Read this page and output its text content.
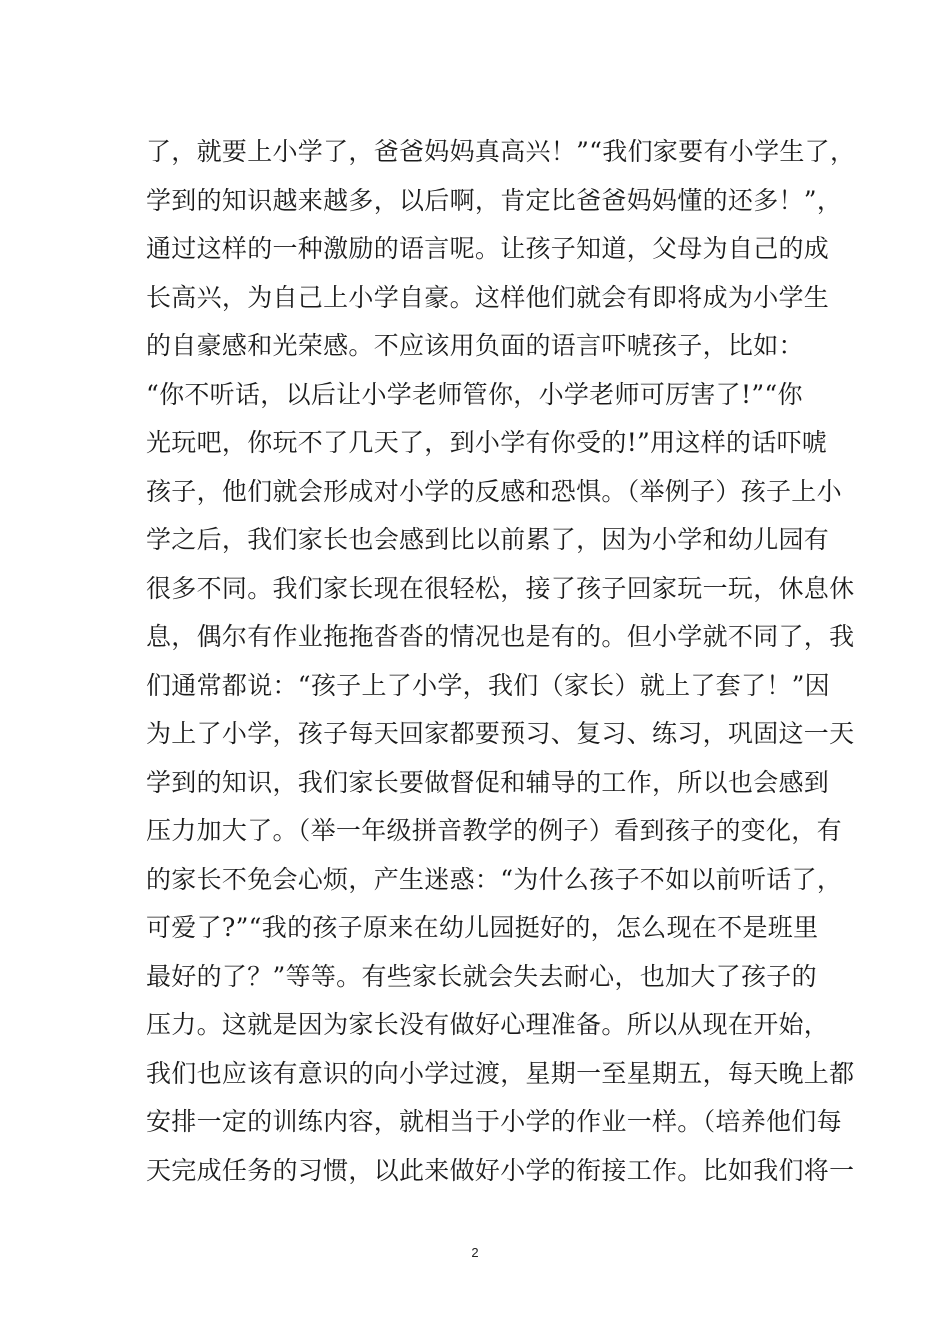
了，就要上小学了，爸爸妈妈真高兴！”“我们家要有小学生了，
学到的知识越来越多，以后啊，肯定比爸爸妈妈懂的还多！”，
通过这样的一种激励的语言呢。让孩子知道，父母为自己的成
长高兴，为自己上小学自豪。这样他们就会有即将成为小学生
的自豪感和光荣感。不应该用负面的语言吓唬孩子，比如：
“你不听话，以后让小学老师管你，小学老师可厉害了!”“你
光玩吧，你玩不了几天了，到小学有你受的!”用这样的话吓唬
孩子，他们就会形成对小学的反感和恐惧。（举例子）孩子上小
学之后，我们家长也会感到比以前累了，因为小学和幼儿园有
很多不同。我们家长现在很轻松，接了孩子回家玩一玩，休息休
息，偶尔有作业拖拖沓沓的情况也是有的。但小学就不同了，我
们通常都说：“孩子上了小学，我们（家长）就上了套了！”因
为上了小学，孩子每天回家都要预习、复习、练习，巩固这一天
学到的知识，我们家长要做督促和辅导的工作，所以也会感到
压力加大了。（举一年级拼音教学的例子）看到孩子的变化，有
的家长不免会心烦，产生迷惑：“为什么孩子不如以前听话了，
可爱了?”“我的孩子原来在幼儿园挺好的，怎么现在不是班里
最好的了？”等等。有些家长就会失去耐心，也加大了孩子的
压力。这就是因为家长没有做好心理准备。所以从现在开始，
我们也应该有意识的向小学过渡，星期一至星期五，每天晚上都
安排一定的训练内容，就相当于小学的作业一样。（培养他们每
天完成任务的习惯，以此来做好小学的衔接工作。比如我们将一
2
